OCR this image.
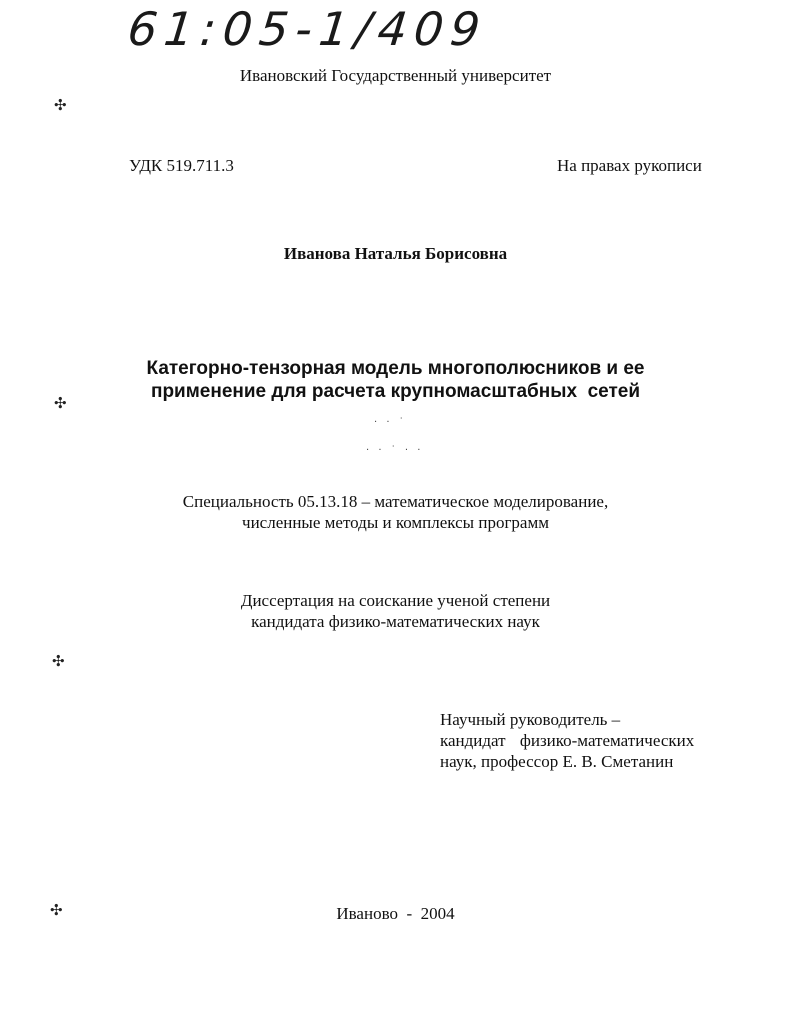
61:05-1/409
Ивановский Государственный университет
УДК 519.711.3	На правах рукописи
Иванова Наталья Борисовна
Категорно-тензорная модель многополюсников и ее
применение для расчета крупномасштабных  сетей
· · ˙
· · ˙ · ·
Специальность 05.13.18 – математическое моделирование,
численные методы и комплексы программ
Диссертация на соискание ученой степени
кандидата физико-математических наук
Научный руководитель –
кандидат физико-математических
наук, профессор Е. В. Сметанин
Иваново  -  2004
✣
✣
✣
✣
